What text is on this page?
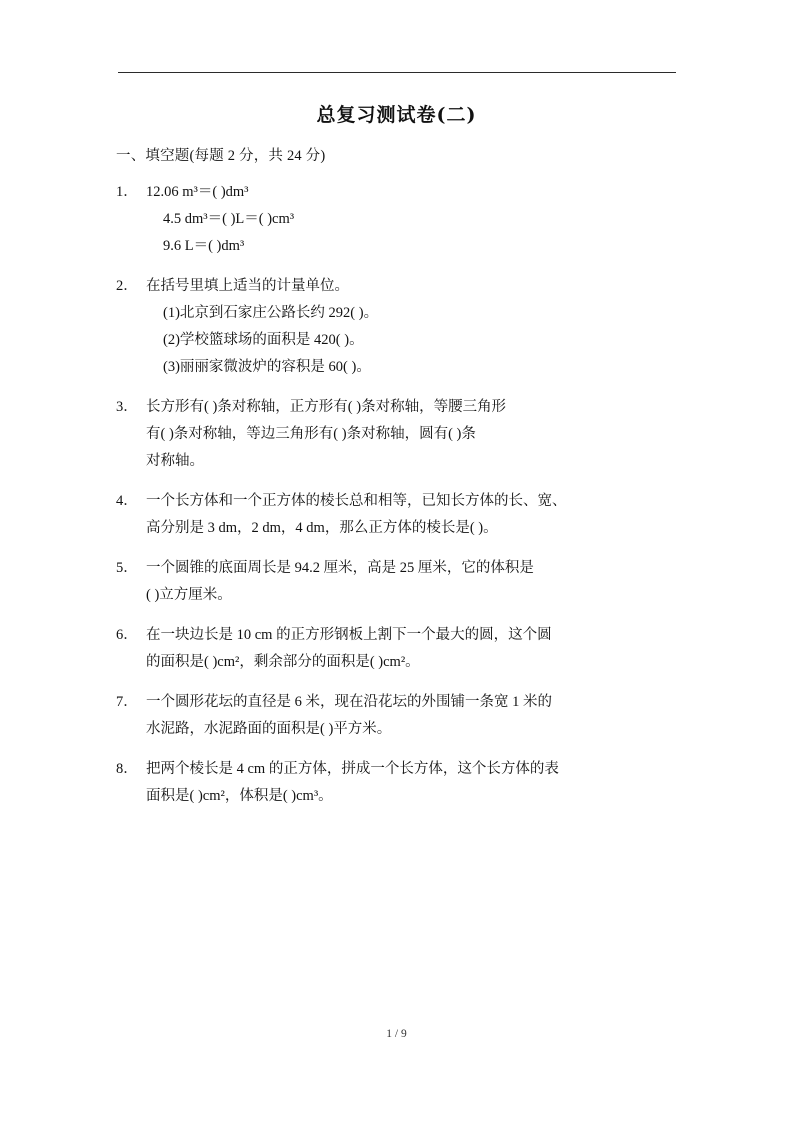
总复习测试卷(二)
一、填空题(每题 2 分，共 24 分)
1． 12.06 m³＝( )dm³
4.5 dm³＝( )L＝( )cm³
9.6 L＝( )dm³
2． 在括号里填上适当的计量单位。
(1)北京到石家庄公路长约 292( )。
(2)学校篮球场的面积是 420( )。
(3)丽丽家微波炉的容积是 60( )。
3． 长方形有( )条对称轴，正方形有( )条对称轴，等腰三角形
有( )条对称轴，等边三角形有( )条对称轴，圆有( )条
对称轴。
4． 一个长方体和一个正方体的棱长总和相等，已知长方体的长、宽、
高分别是 3 dm，2 dm，4 dm，那么正方体的棱长是( )。
5． 一个圆锥的底面周长是 94.2 厘米，高是 25 厘米，它的体积是
( )立方厘米。
6． 在一块边长是 10 cm 的正方形钢板上割下一个最大的圆，这个圆
的面积是( )cm²，剩余部分的面积是( )cm²。
7． 一个圆形花坛的直径是 6 米，现在沿花坛的外围铺一条宽 1 米的
水泥路，水泥路面的面积是( )平方米。
8． 把两个棱长是 4 cm 的正方体，拼成一个长方体，这个长方体的表
面积是( )cm²，体积是( )cm³。
1 / 9
